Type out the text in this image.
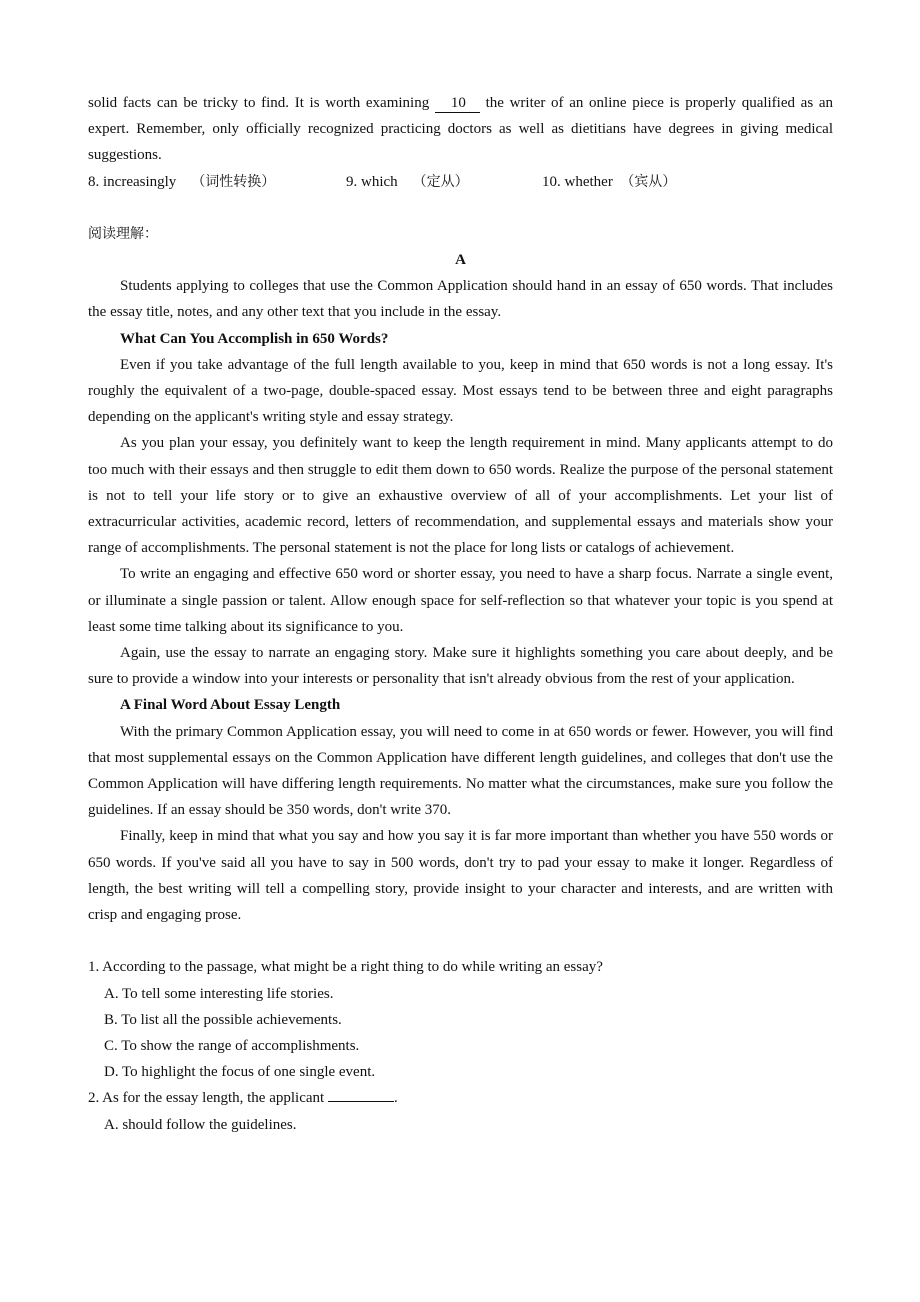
solid facts can be tricky to find. It is worth examining 10 the writer of an online piece is properly qualified as an expert. Remember, only officially recognized practicing doctors as well as dietitians have degrees in giving medical suggestions.

8. increasingly （词性转换）	9. which （定从）	10. whether （宾从）

阅读理解：
A

Students applying to colleges that use the Common Application should hand in an essay of 650 words. That includes the essay title, notes, and any other text that you include in the essay.

What Can You Accomplish in 650 Words?

Even if you take advantage of the full length available to you, keep in mind that 650 words is not a long essay. It's roughly the equivalent of a two-page, double-spaced essay. Most essays tend to be between three and eight paragraphs depending on the applicant's writing style and essay strategy.

As you plan your essay, you definitely want to keep the length requirement in mind. Many applicants attempt to do too much with their essays and then struggle to edit them down to 650 words. Realize the purpose of the personal statement is not to tell your life story or to give an exhaustive overview of all of your accomplishments. Let your list of extracurricular activities, academic record, letters of recommendation, and supplemental essays and materials show your range of accomplishments. The personal statement is not the place for long lists or catalogs of achievement.

To write an engaging and effective 650 word or shorter essay, you need to have a sharp focus. Narrate a single event, or illuminate a single passion or talent. Allow enough space for self-reflection so that whatever your topic is you spend at least some time talking about its significance to you.

Again, use the essay to narrate an engaging story. Make sure it highlights something you care about deeply, and be sure to provide a window into your interests or personality that isn't already obvious from the rest of your application.

A Final Word About Essay Length

With the primary Common Application essay, you will need to come in at 650 words or fewer. However, you will find that most supplemental essays on the Common Application have different length guidelines, and colleges that don't use the Common Application will have differing length requirements. No matter what the circumstances, make sure you follow the guidelines. If an essay should be 350 words, don't write 370.

Finally, keep in mind that what you say and how you say it is far more important than whether you have 550 words or 650 words. If you've said all you have to say in 500 words, don't try to pad your essay to make it longer. Regardless of length, the best writing will tell a compelling story, provide insight to your character and interests, and are written with crisp and engaging prose.

1. According to the passage, what might be a right thing to do while writing an essay?

A. To tell some interesting life stories.

B. To list all the possible achievements.

C. To show the range of accomplishments.

D. To highlight the focus of one single event.

2. As for the essay length, the applicant	.

A. should follow the guidelines.
